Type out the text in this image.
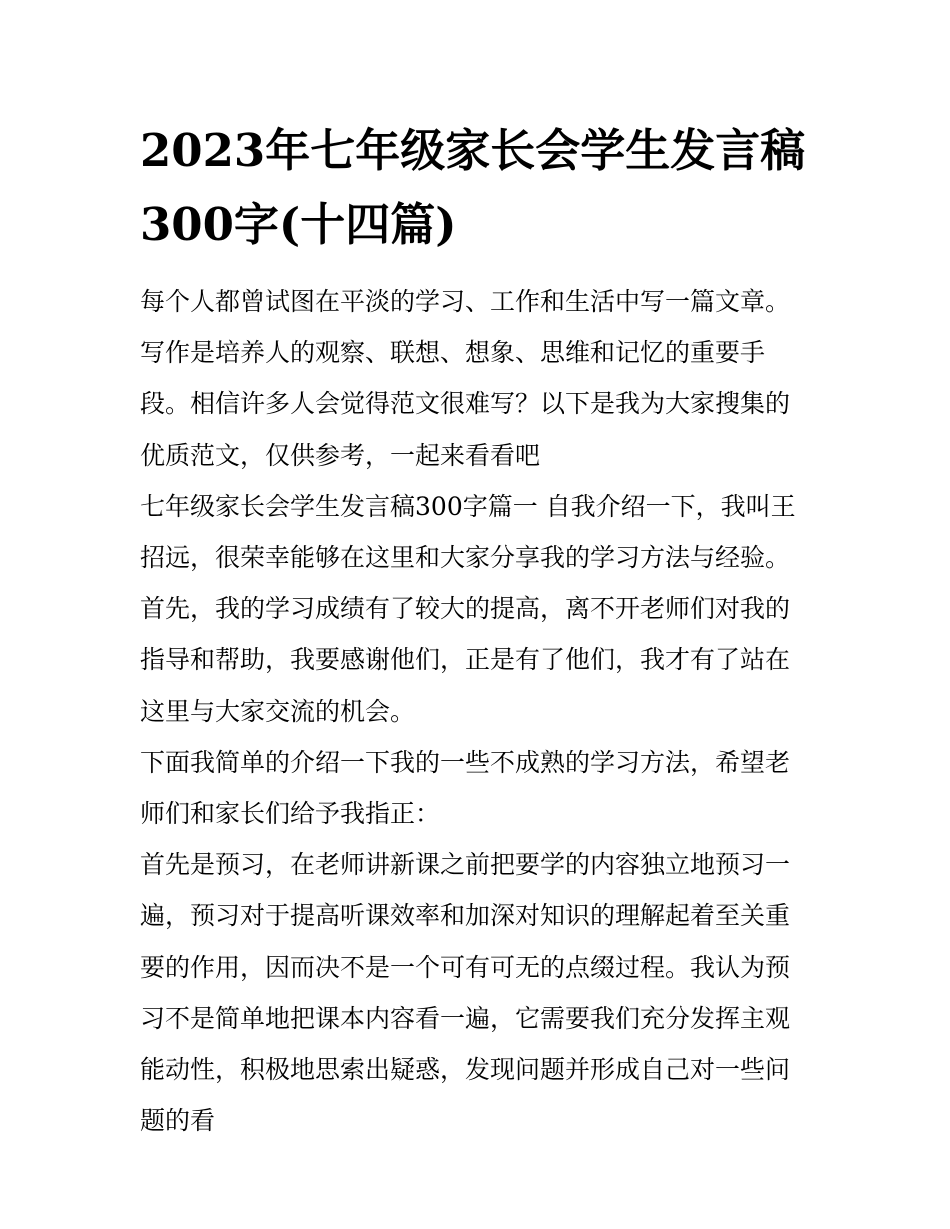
2023年七年级家长会学生发言稿300字(十四篇)

每个人都曾试图在平淡的学习、工作和生活中写一篇文章。写作是培养人的观察、联想、想象、思维和记忆的重要手段。相信许多人会觉得范文很难写？以下是我为大家搜集的优质范文，仅供参考，一起来看看吧

七年级家长会学生发言稿300字篇一 自我介绍一下，我叫王招远，很荣幸能够在这里和大家分享我的学习方法与经验。

首先，我的学习成绩有了较大的提高，离不开老师们对我的指导和帮助，我要感谢他们，正是有了他们，我才有了站在这里与大家交流的机会。

下面我简单的介绍一下我的一些不成熟的学习方法，希望老师们和家长们给予我指正：

首先是预习，在老师讲新课之前把要学的内容独立地预习一遍，预习对于提高听课效率和加深对知识的理解起着至关重要的作用，因而决不是一个可有可无的点缀过程。我认为预习不是简单地把课本内容看一遍，它需要我们充分发挥主观能动性，积极地思索出疑惑，发现问题并形成自己对一些问题的看
